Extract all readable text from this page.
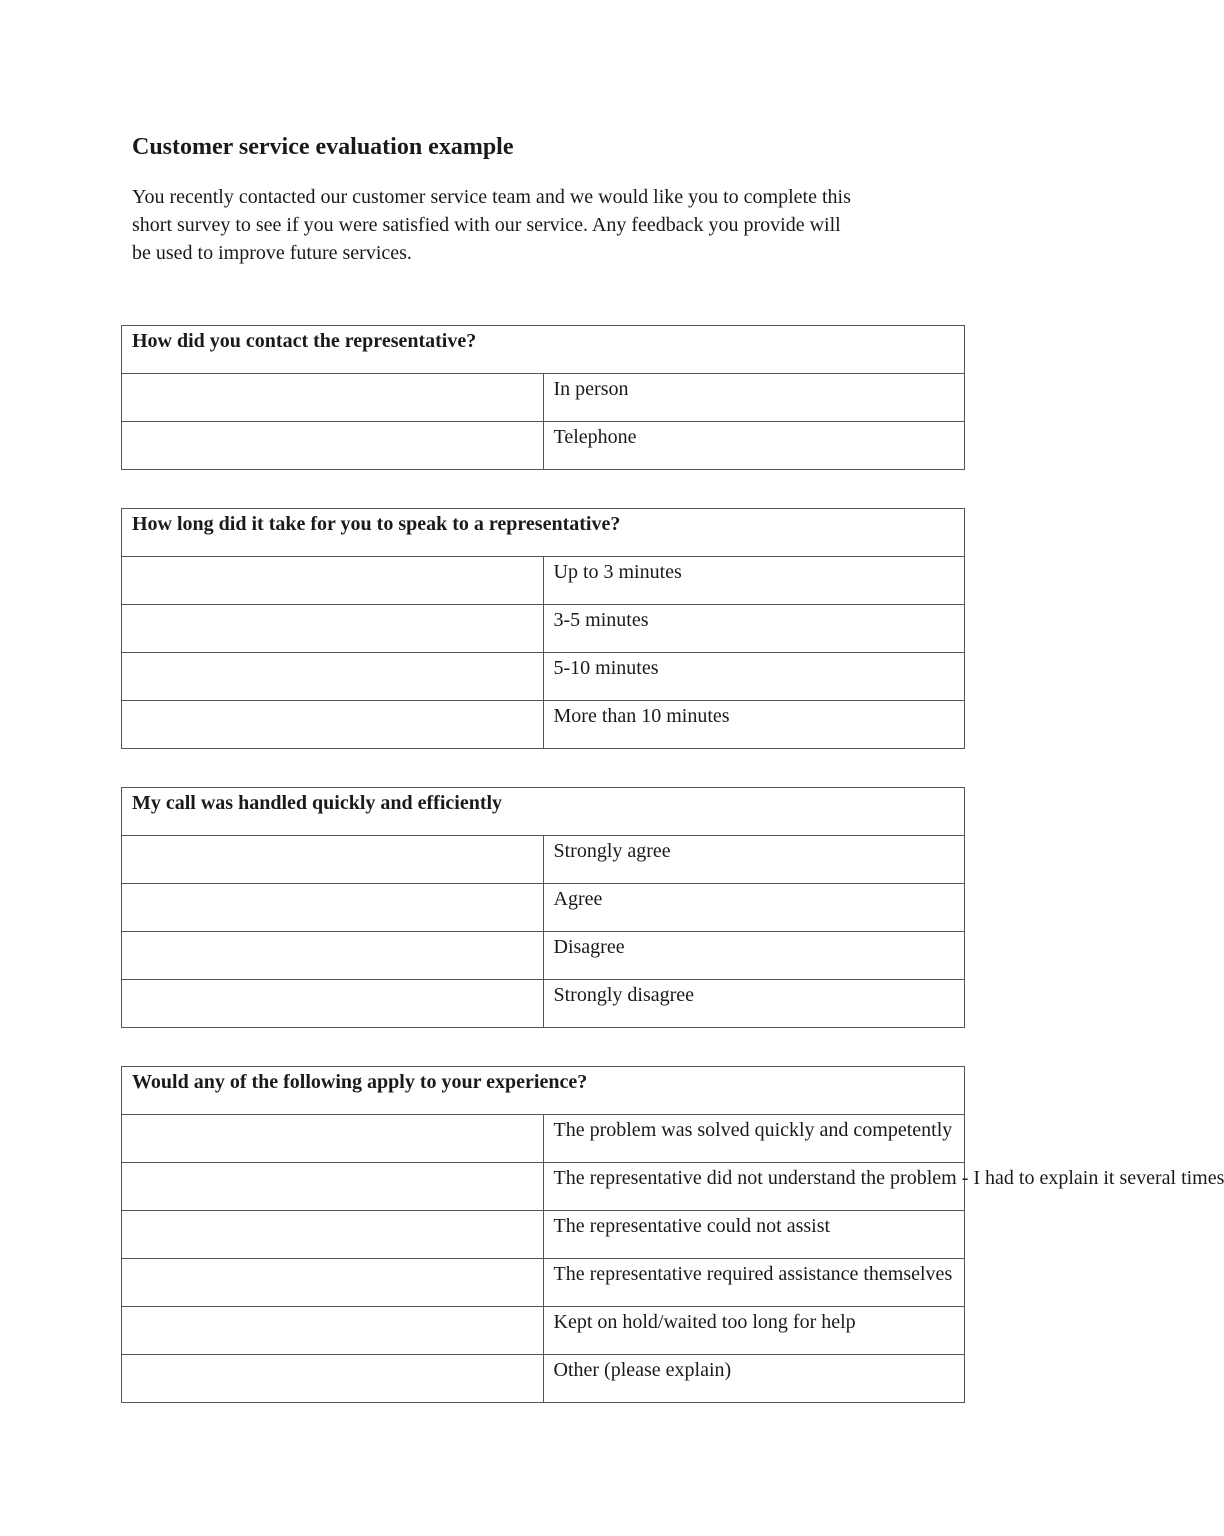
Customer service evaluation example

You recently contacted our customer service team and we would like you to complete this
short survey to see if you were satisfied with our service. Any feedback you provide will
be used to improve future services.

How did you contact the representative?	
	In person
	Telephone
How long did it take for you to speak to a representative?	
	Up to 3 minutes
	3-5 minutes
	5-10 minutes
	More than 10 minutes
My call was handled quickly and efficiently	
	Strongly agree
	Agree
	Disagree
	Strongly disagree
Would any of the following apply to your experience?	
	The problem was solved quickly and competently
	The representative did not understand the problem - I had to explain it several times
	The representative could not assist
	The representative required assistance themselves
	Kept on hold/waited too long for help
	Other (please explain)
